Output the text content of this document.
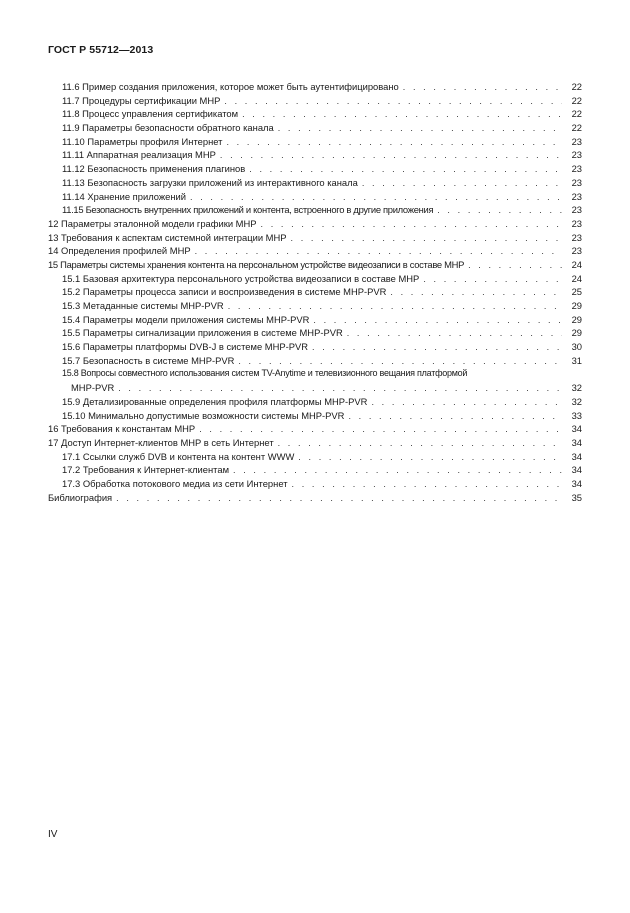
ГОСТ Р 55712—2013
11.6 Пример создания приложения, которое может быть аутентифицировано . . .	22
11.7 Процедуры сертификации MHP . . .	22
11.8 Процесс управления сертификатом . . .	22
11.9 Параметры безопасности обратного канала . . .	22
11.10 Параметры профиля Интернет . . .	23
11.11 Аппаратная реализация MHP . . .	23
11.12 Безопасность применения плагинов . . .	23
11.13 Безопасность загрузки приложений из интерактивного канала . . .	23
11.14 Хранение приложений . . .	23
11.15 Безопасность внутренних приложений и контента, встроенного в другие приложения . . .	23
12 Параметры эталонной модели графики MHP . . .	23
13 Требования к аспектам системной интеграции MHP . . .	23
14 Определения профилей MHP . . .	23
15 Параметры системы хранения контента на персональном устройстве видеозаписи в составе MHP . . .	24
15.1 Базовая архитектура персонального устройства видеозаписи в составе MHP . . .	24
15.2 Параметры процесса записи и воспроизведения в системе MHP-PVR . . .	25
15.3 Метаданные системы MHP-PVR . . .	29
15.4 Параметры модели приложения системы MHP-PVR . . .	29
15.5 Параметры сигнализации приложения в системе MHP-PVR . . .	29
15.6 Параметры платформы DVB-J в системе MHP-PVR . . .	30
15.7 Безопасность в системе MHP-PVR . . .	31
15.8 Вопросы совместного использования систем TV-Anytime и телевизионного вещания платформой
MHP-PVR . . .	32
15.9 Детализированные определения профиля платформы MHP-PVR . . .	32
15.10 Минимально допустимые возможности системы MHP-PVR . . .	33
16 Требования к константам MHP . . .	34
17 Доступ Интернет-клиентов MHP в сеть Интернет . . .	34
17.1 Ссылки служб DVB и контента на контент WWW . . .	34
17.2 Требования к Интернет-клиентам . . .	34
17.3 Обработка потокового медиа из сети Интернет . . .	34
Библиография . . .	35
IV
